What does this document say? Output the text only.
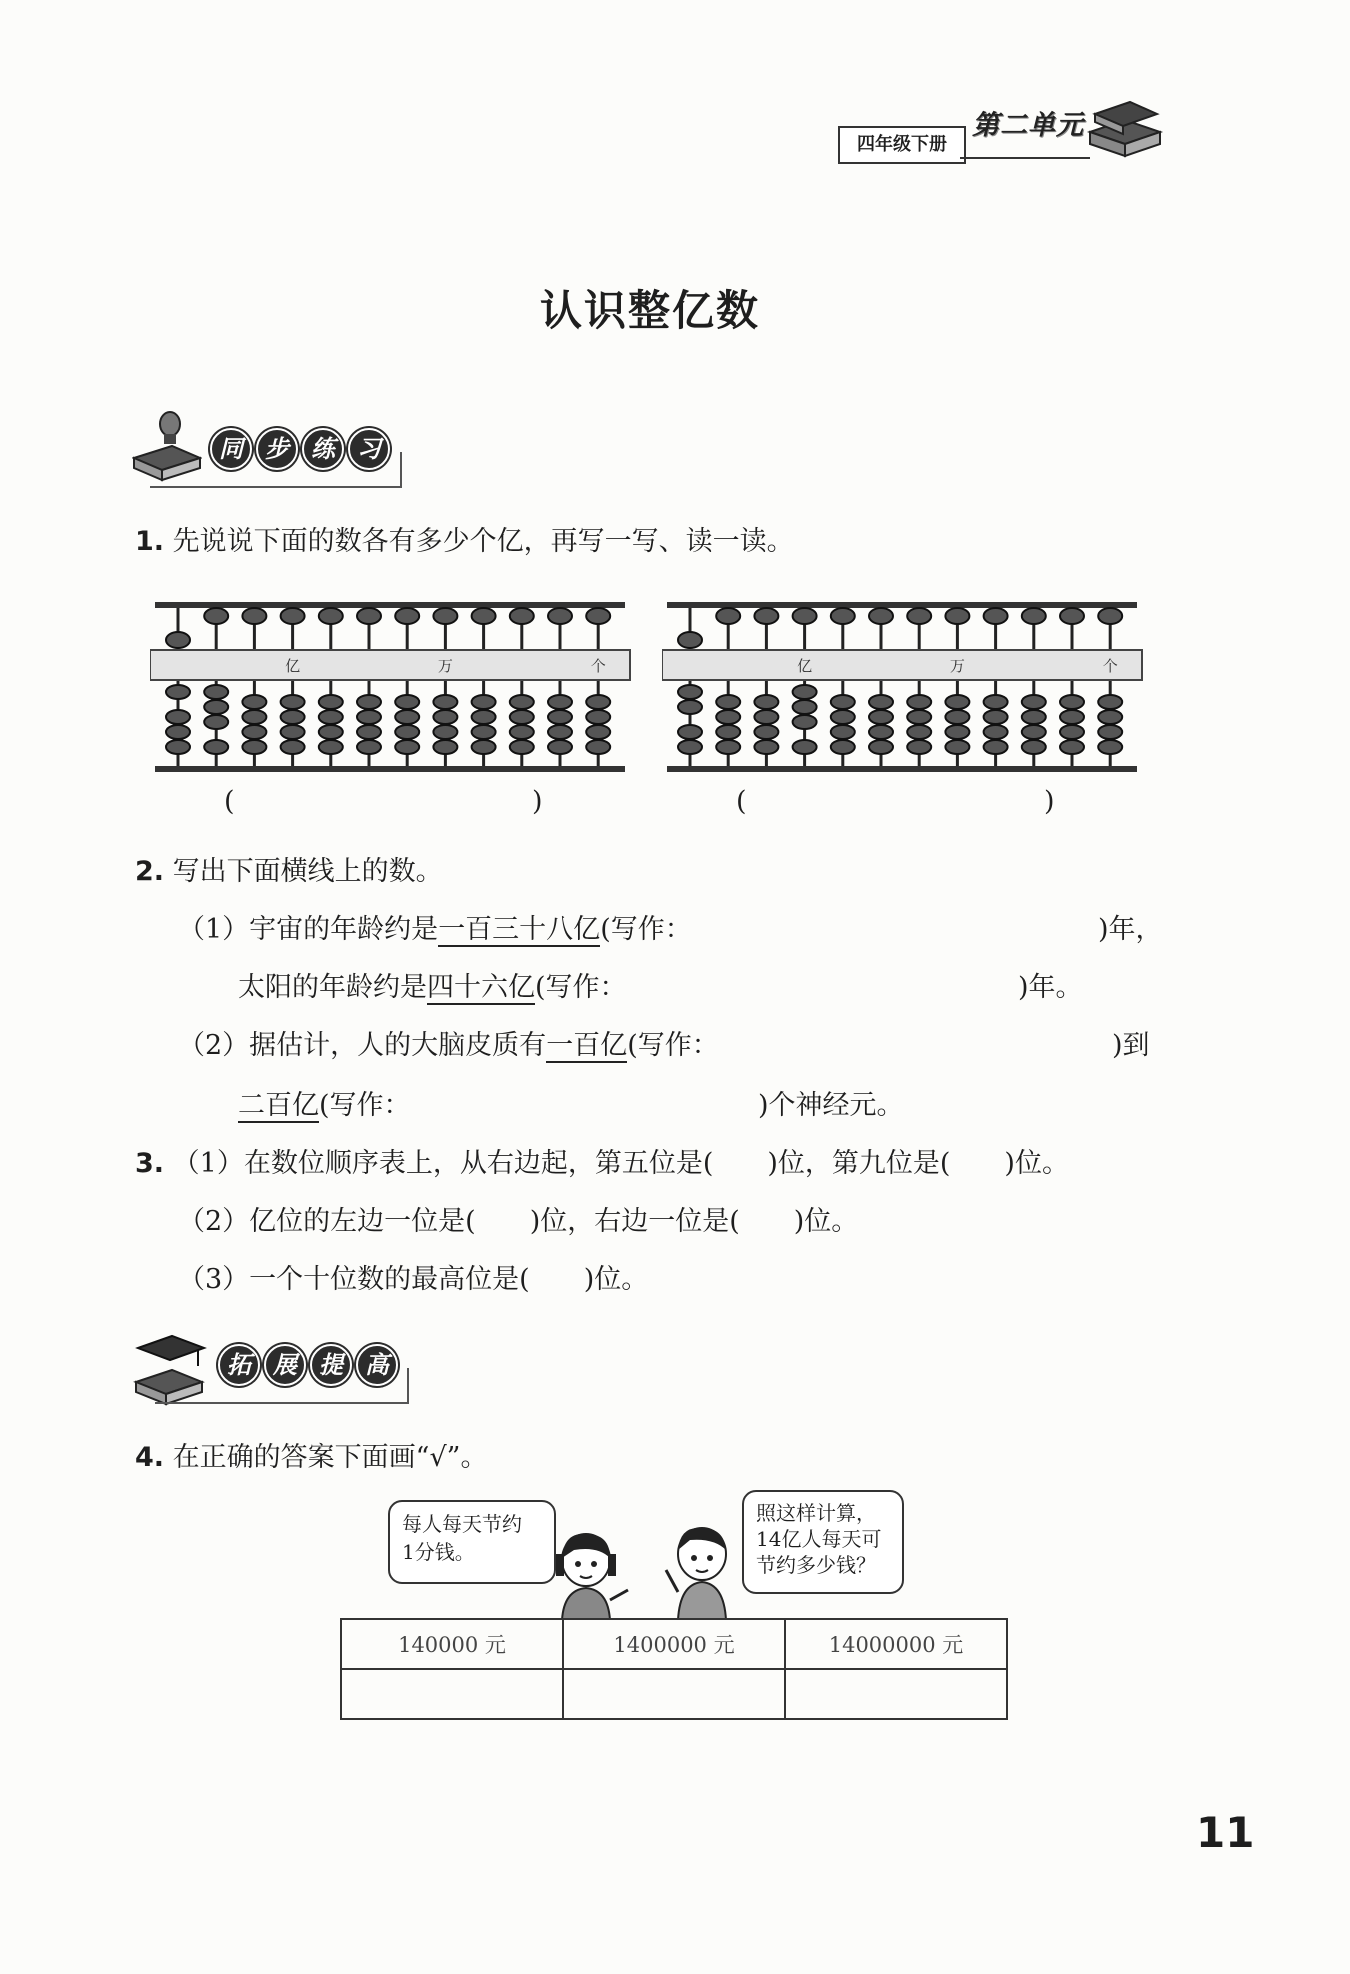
四年级下册
第二单元
认识整亿数
同 步 练 习
1. 先说说下面的数各有多少个亿，再写一写、读一读。
亿	万	个	亿	万	个
(	)	(	)
2. 写出下面横线上的数。
（1）宇宙的年龄约是一百三十八亿(写作：	)年，
太阳的年龄约是四十六亿(写作：	)年。
（2）据估计，人的大脑皮质有一百亿(写作：	)到
二百亿(写作：	)个神经元。
3. （1）在数位顺序表上，从右边起，第五位是(　　)位，第九位是(　　)位。
（2）亿位的左边一位是(　　)位，右边一位是(　　)位。
（3）一个十位数的最高位是(　　)位。
拓 展 提 高
4. 在正确的答案下面画“√”。
每人每天节约
1分钱。
照这样计算，
14亿人每天可
节约多少钱？
140000 元	1400000 元	14000000 元

11
